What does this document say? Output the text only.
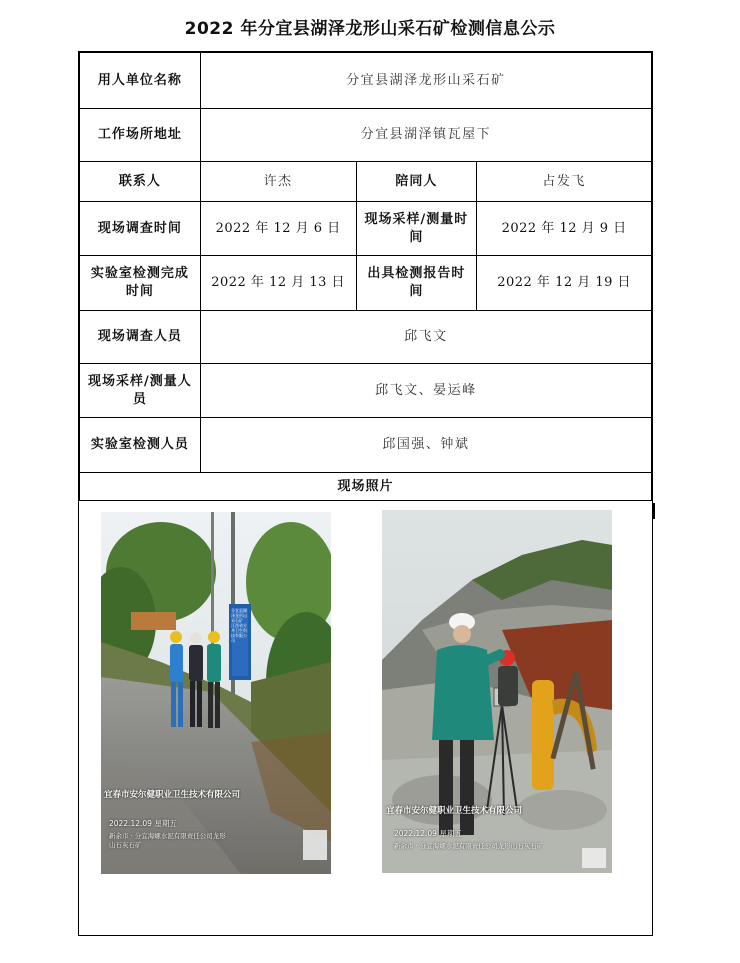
2022 年分宜县湖泽龙形山采石矿检测信息公示
用人单位名称	分宜县湖泽龙形山采石矿		
工作场所地址	分宜县湖泽镇瓦屋下		
联系人	许杰	陪同人	占发飞
现场调查时间	2022 年 12 月 6 日	现场采样/测量时间	2022 年 12 月 9 日
实验室检测完成时间	2022 年 12 月 13 日	出具检测报告时间	2022 年 12 月 19 日
现场调查人员	邱飞文		
现场采样/测量人员	邱飞文、晏运峰		
实验室检测人员	邱国强、钟斌		
现场照片			
宜春市安尔健职业卫生技术有限公司
2022.12.09 星期五
新余市 · 分宜海螺水泥有限责任公司龙形山石灰石矿
分宜县湖泽龙形山采石矿 江西省方舟卫生科技有限公司
宜春市安尔健职业卫生技术有限公司
2022.12.09 星期五
新余市 · 分宜海螺水泥有限责任公司龙形山石灰石矿
